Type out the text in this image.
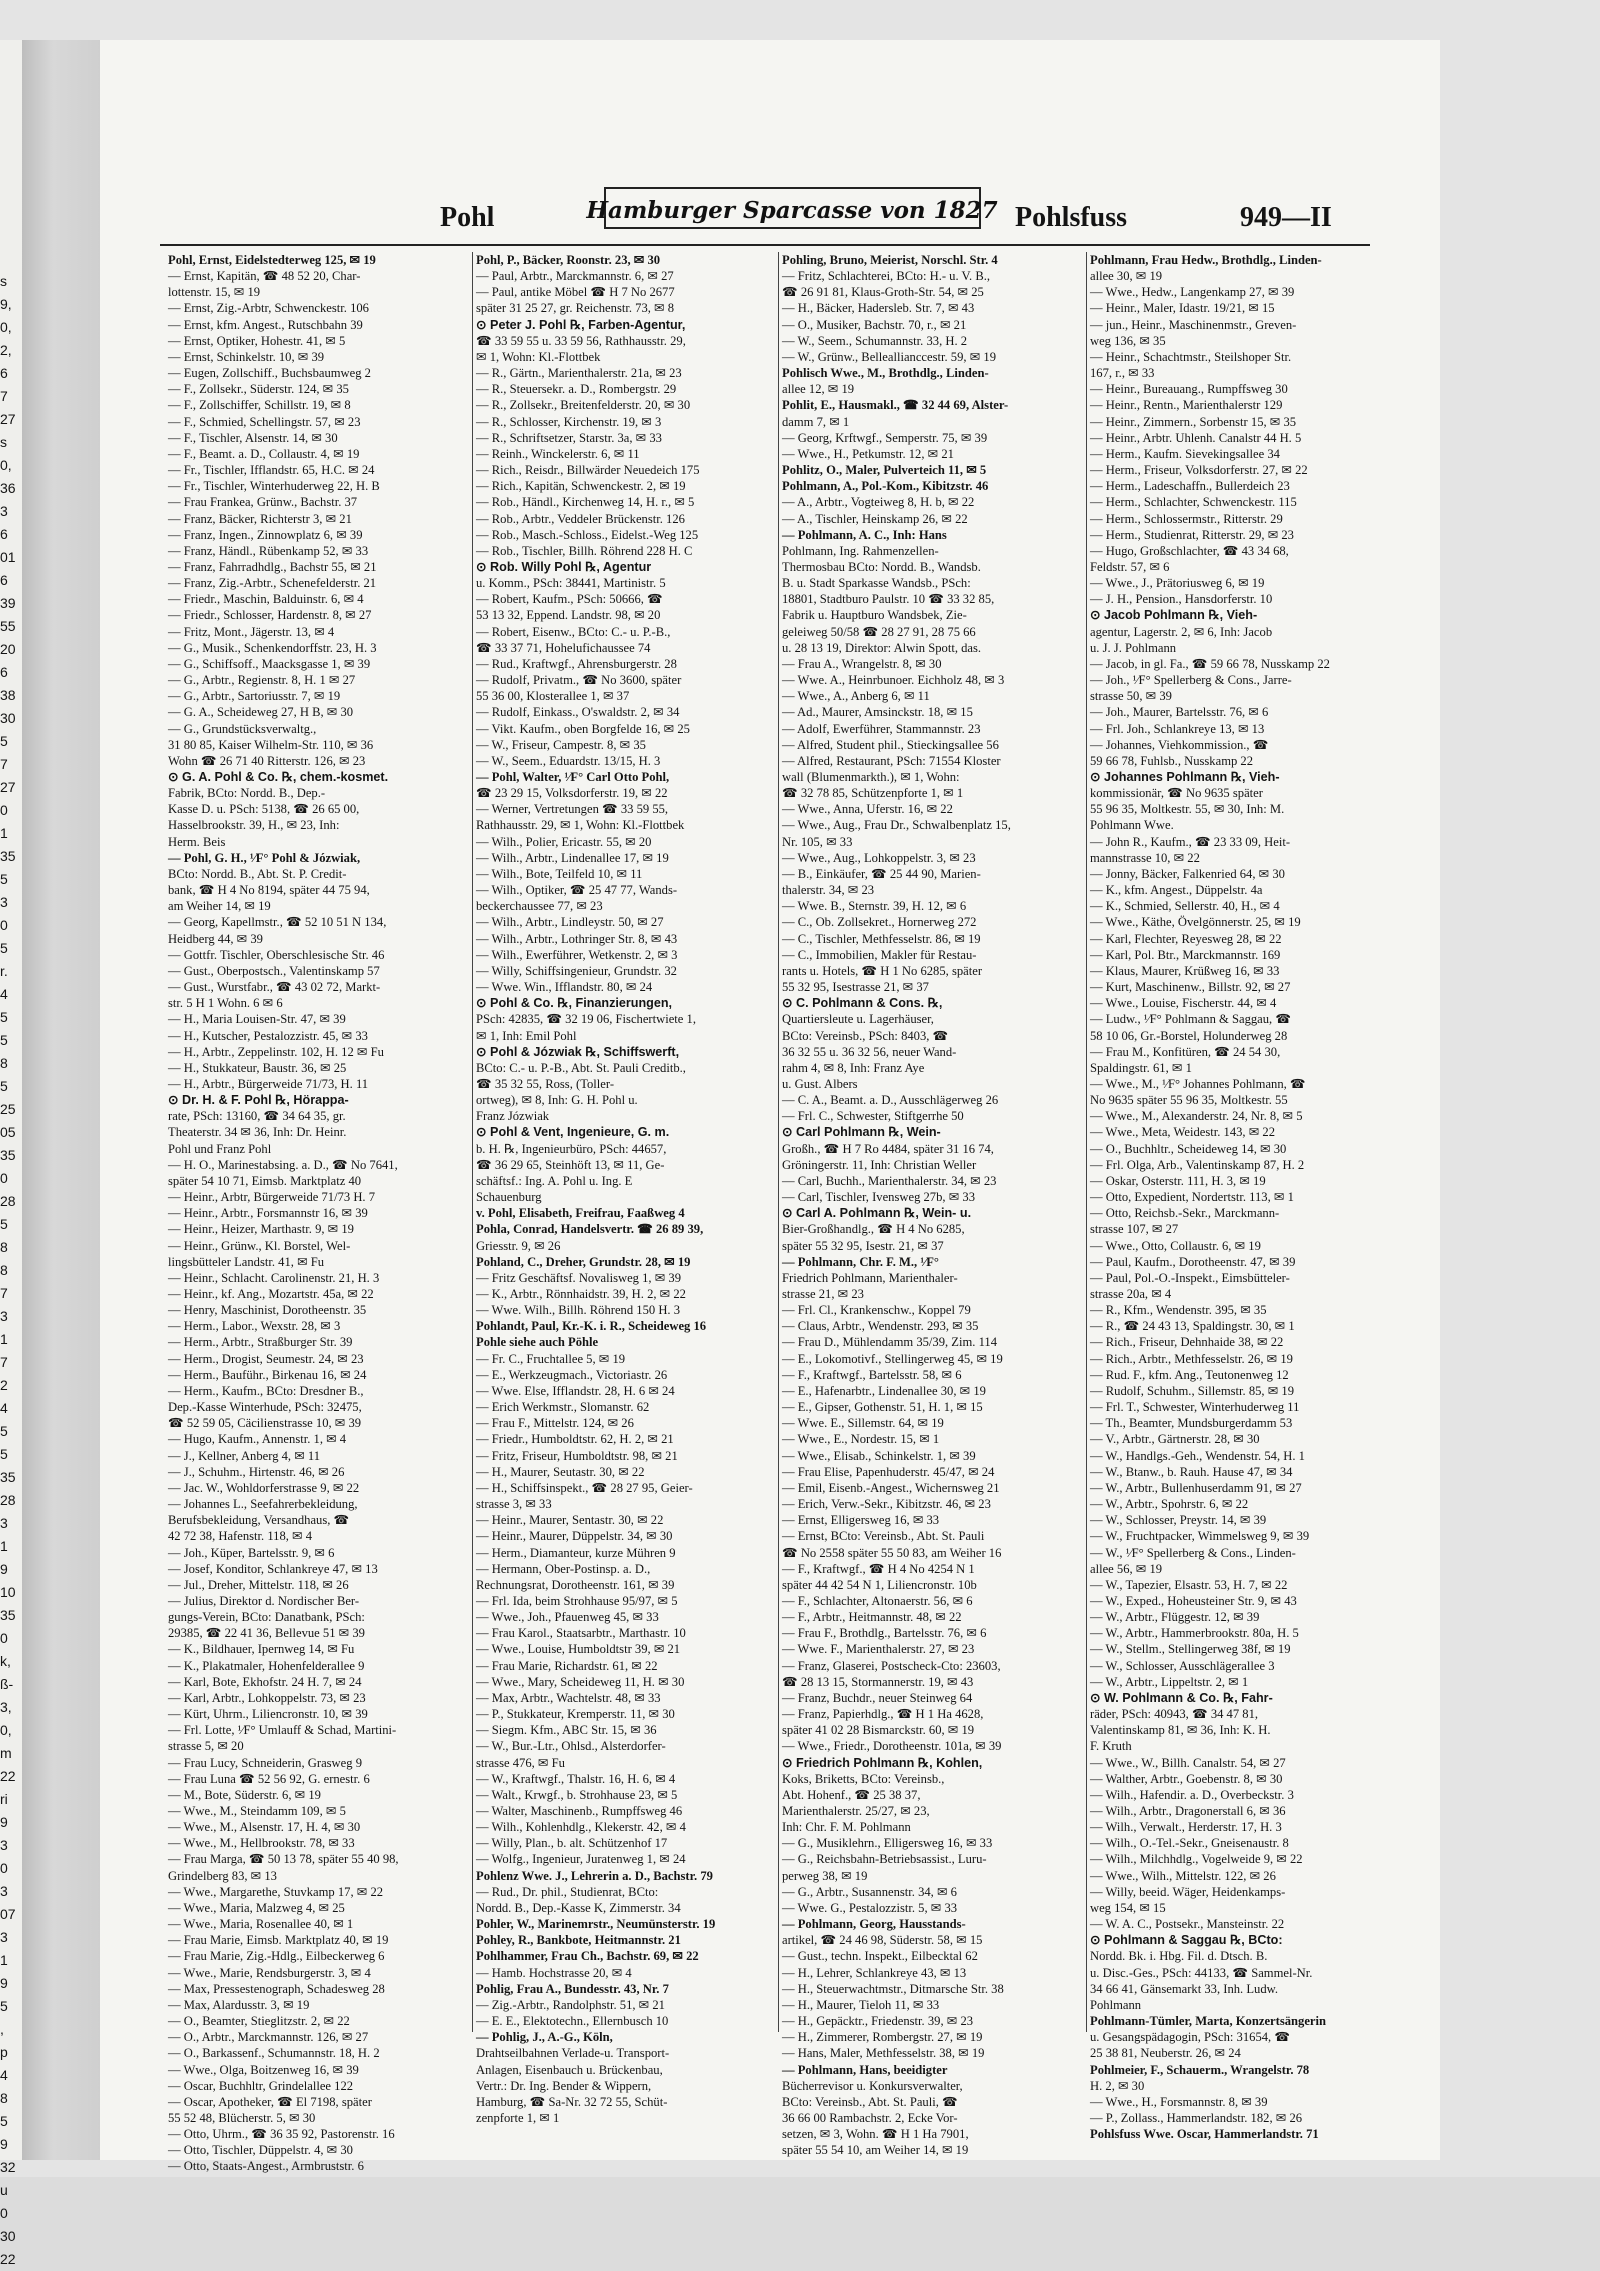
s
9,
0,
2,
6
7
27
s
0,
36
3
6
01
6
39
55
20
6
38
30
5
7
27
0
1
35
5
3
0
5
r.
4
5
5
8
5
25
05
35
0
28
5
8
8
7
3
1
7
2
4
5
5
35
28
3
1
9
10
35
0
k,
ß-
3,
0,
m
22
ri
9
3
0
3
07
3
1
9
5
,
p
4
8
5
9
32
u
0
30
22
Pohl	Hamburger Sparcasse von 1827 Pohlsfuss	949—II
Pohl, Ernst, Eidelstedterweg 125, ✉ 19
— Ernst, Kapitän, ☎ 48 52 20, Char-
lottenstr. 15, ✉ 19
— Ernst, Zig.-Arbtr, Schwenckestr. 106
— Ernst, kfm. Angest., Rutschbahn 39
— Ernst, Optiker, Hohestr. 41, ✉ 5
— Ernst, Schinkelstr. 10, ✉ 39
— Eugen, Zollschiff., Buchsbaumweg 2
— F., Zollsekr., Süderstr. 124, ✉ 35
— F., Zollschiffer, Schillstr. 19, ✉ 8
— F., Schmied, Schellingstr. 57, ✉ 23
— F., Tischler, Alsenstr. 14, ✉ 30
— F., Beamt. a. D., Collaustr. 4, ✉ 19
— Fr., Tischler, Ifflandstr. 65, H.C. ✉ 24
— Fr., Tischler, Winterhuderweg 22, H. B
— Frau Frankea, Grünw., Bachstr. 37
— Franz, Bäcker, Richterstr 3, ✉ 21
— Franz, Ingen., Zinnowplatz 6, ✉ 39
— Franz, Händl., Rübenkamp 52, ✉ 33
— Franz, Fahrradhdlg., Bachstr 55, ✉ 21
— Franz, Zig.-Arbtr., Schenefelderstr. 21
— Friedr., Maschin, Balduinstr. 6, ✉ 4
— Friedr., Schlosser, Hardenstr. 8, ✉ 27
— Fritz, Mont., Jägerstr. 13, ✉ 4
— G., Musik., Schenkendorffstr. 23, H. 3
— G., Schiffsoff., Maacksgasse 1, ✉ 39
— G., Arbtr., Regienstr. 8, H. 1 ✉ 27
— G., Arbtr., Sartoriusstr. 7, ✉ 19
— G. A., Scheideweg 27, H B, ✉ 30
— G., Grundstücksverwaltg.,
31 80 85, Kaiser Wilhelm-Str. 110, ✉ 36
Wohn ☎ 26 71 40 Ritterstr. 126, ✉ 23
⊙ G. A. Pohl & Co. ℞, chem.-kosmet.
Fabrik, BCto: Nordd. B., Dep.-
Kasse D. u. PSch: 5138, ☎ 26 65 00,
Hasselbrookstr. 39, H., ✉ 23, Inh:
Herm. Beis
— Pohl, G. H., ¹⁄F° Pohl & Józwiak,
BCto: Nordd. B., Abt. St. P. Credit-
bank, ☎ H 4 No 8194, später 44 75 94,
am Weiher 14, ✉ 19
— Georg, Kapellmstr., ☎ 52 10 51 N 134,
Heidberg 44, ✉ 39
— Gottfr. Tischler, Oberschlesische Str. 46
— Gust., Oberpostsch., Valentinskamp 57
— Gust., Wurstfabr., ☎ 43 02 72, Markt-
str. 5 H 1 Wohn. 6 ✉ 6
— H., Maria Louisen-Str. 47, ✉ 39
— H., Kutscher, Pestalozzistr. 45, ✉ 33
— H., Arbtr., Zeppelinstr. 102, H. 12 ✉ Fu
— H., Stukkateur, Baustr. 36, ✉ 25
— H., Arbtr., Bürgerweide 71/73, H. 11
⊙ Dr. H. & F. Pohl ℞, Hörappa-
rate, PSch: 13160, ☎ 34 64 35, gr.
Theaterstr. 34 ✉ 36, Inh: Dr. Heinr.
Pohl und Franz Pohl
— H. O., Marinestabsing. a. D., ☎ No 7641,
später 54 10 71, Eimsb. Marktplatz 40
— Heinr., Arbtr, Bürgerweide 71/73 H. 7
— Heinr., Arbtr., Forsmannstr 16, ✉ 39
— Heinr., Heizer, Marthastr. 9, ✉ 19
— Heinr., Grünw., Kl. Borstel, Wel-
lingsbütteler Landstr. 41, ✉ Fu
— Heinr., Schlacht. Carolinenstr. 21, H. 3
— Heinr., kf. Ang., Mozartstr. 45a, ✉ 22
— Henry, Maschinist, Dorotheenstr. 35
— Herm., Labor., Wexstr. 28, ✉ 3
— Herm., Arbtr., Straßburger Str. 39
— Herm., Drogist, Seumestr. 24, ✉ 23
— Herm., Bauführ., Birkenau 16, ✉ 24
— Herm., Kaufm., BCto: Dresdner B.,
Dep.-Kasse Winterhude, PSch: 32475,
☎ 52 59 05, Cäcilienstrasse 10, ✉ 39
— Hugo, Kaufm., Annenstr. 1, ✉ 4
— J., Kellner, Anberg 4, ✉ 11
— J., Schuhm., Hirtenstr. 46, ✉ 26
— Jac. W., Wohldorferstrasse 9, ✉ 22
— Johannes L., Seefahrerbekleidung,
Berufsbekleidung, Versandhaus, ☎
42 72 38, Hafenstr. 118, ✉ 4
— Joh., Küper, Bartelsstr. 9, ✉ 6
— Josef, Konditor, Schlankreye 47, ✉ 13
— Jul., Dreher, Mittelstr. 118, ✉ 26
— Julius, Direktor d. Nordischer Ber-
gungs-Verein, BCto: Danatbank, PSch:
29385, ☎ 22 41 36, Bellevue 51 ✉ 39
— K., Bildhauer, Ipernweg 14, ✉ Fu
— K., Plakatmaler, Hohenfelderallee 9
— Karl, Bote, Ekhofstr. 24 H. 7, ✉ 24
— Karl, Arbtr., Lohkoppelstr. 73, ✉ 23
— Kürt, Uhrm., Liliencronstr. 10, ✉ 39
— Frl. Lotte, ¹⁄F° Umlauff & Schad, Martini-
strasse 5, ✉ 20
— Frau Lucy, Schneiderin, Grasweg 9
— Frau Luna ☎ 52 56 92, G. ernestr. 6
— M., Bote, Süderstr. 6, ✉ 19
— Wwe., M., Steindamm 109, ✉ 5
— Wwe., M., Alsenstr. 17, H. 4, ✉ 30
— Wwe., M., Hellbrookstr. 78, ✉ 33
— Frau Marga, ☎ 50 13 78, später 55 40 98,
Grindelberg 83, ✉ 13
— Wwe., Margarethe, Stuvkamp 17, ✉ 22
— Wwe., Maria, Malzweg 4, ✉ 25
— Wwe., Maria, Rosenallee 40, ✉ 1
— Frau Marie, Eimsb. Marktplatz 40, ✉ 19
— Frau Marie, Zig.-Hdlg., Eilbeckerweg 6
— Wwe., Marie, Rendsburgerstr. 3, ✉ 4
— Max, Pressestenograph, Schadesweg 28
— Max, Alardusstr. 3, ✉ 19
— O., Beamter, Stieglitzstr. 2, ✉ 22
— O., Arbtr., Marckmannstr. 126, ✉ 27
— O., Barkassenf., Schumannstr. 18, H. 2
— Wwe., Olga, Boitzenweg 16, ✉ 39
— Oscar, Buchhltr, Grindelallee 122
— Oscar, Apotheker, ☎ El 7198, später
55 52 48, Blücherstr. 5, ✉ 30
— Otto, Uhrm., ☎ 36 35 92, Pastorenstr. 16
— Otto, Tischler, Düppelstr. 4, ✉ 30
— Otto, Staats-Angest., Armbruststr. 6
Pohl, P., Bäcker, Roonstr. 23, ✉ 30
— Paul, Arbtr., Marckmannstr. 6, ✉ 27
— Paul, antike Möbel ☎ H 7 No 2677
später 31 25 27, gr. Reichenstr. 73, ✉ 8
⊙ Peter J. Pohl ℞, Farben-Agentur,
☎ 33 59 55 u. 33 59 56, Rathhausstr. 29,
✉ 1, Wohn: Kl.-Flottbek
— R., Gärtn., Marienthalerstr. 21a, ✉ 23
— R., Steuersekr. a. D., Rombergstr. 29
— R., Zollsekr., Breitenfelderstr. 20, ✉ 30
— R., Schlosser, Kirchenstr. 19, ✉ 3
— R., Schriftsetzer, Starstr. 3a, ✉ 33
— Reinh., Winckelerstr. 6, ✉ 11
— Rich., Reisdr., Billwärder Neuedeich 175
— Rich., Kapitän, Schwenckestr. 2, ✉ 19
— Rob., Händl., Kirchenweg 14, H. r., ✉ 5
— Rob., Arbtr., Veddeler Brückenstr. 126
— Rob., Masch.-Schloss., Eidelst.-Weg 125
— Rob., Tischler, Billh. Röhrend 228 H. C
⊙ Rob. Willy Pohl ℞, Agentur
u. Komm., PSch: 38441, Martinistr. 5
— Robert, Kaufm., PSch: 50666, ☎
53 13 32, Eppend. Landstr. 98, ✉ 20
— Robert, Eisenw., BCto: C.- u. P.-B.,
☎ 33 37 71, Hohelufichaussee 74
— Rud., Kraftwgf., Ahrensburgerstr. 28
— Rudolf, Privatm., ☎ No 3600, später
55 36 00, Klosterallee 1, ✉ 37
— Rudolf, Einkass., O'swaldstr. 2, ✉ 34
— Vikt. Kaufm., oben Borgfelde 16, ✉ 25
— W., Friseur, Campestr. 8, ✉ 35
— W., Seem., Eduardstr. 13/15, H. 3
— Pohl, Walter, ¹⁄F° Carl Otto Pohl,
☎ 23 29 15, Volksdorferstr. 19, ✉ 22
— Werner, Vertretungen ☎ 33 59 55,
Rathhausstr. 29, ✉ 1, Wohn: Kl.-Flottbek
— Wilh., Polier, Ericastr. 55, ✉ 20
— Wilh., Arbtr., Lindenallee 17, ✉ 19
— Wilh., Bote, Teilfeld 10, ✉ 11
— Wilh., Optiker, ☎ 25 47 77, Wands-
beckerchaussee 77, ✉ 23
— Wilh., Arbtr., Lindleystr. 50, ✉ 27
— Wilh., Arbtr., Lothringer Str. 8, ✉ 43
— Wilh., Ewerführer, Wetkenstr. 2, ✉ 3
— Willy, Schiffsingenieur, Grundstr. 32
— Wwe. Win., Ifflandstr. 80, ✉ 24
⊙ Pohl & Co. ℞, Finanzierungen,
PSch: 42835, ☎ 32 19 06, Fischertwiete 1,
✉ 1, Inh: Emil Pohl
⊙ Pohl & Józwiak ℞, Schiffswerft,
BCto: C.- u. P.-B., Abt. St. Pauli Creditb.,
☎ 35 32 55, Ross, (Toller-
ortweg), ✉ 8, Inh: G. H. Pohl u.
Franz Józwiak
⊙ Pohl & Vent, Ingenieure, G. m.
b. H. ℞, Ingenieurbüro, PSch: 44657,
☎ 36 29 65, Steinhöft 13, ✉ 11, Ge-
schäftsf.: Ing. A. Pohl u. Ing. E
Schauenburg
v. Pohl, Elisabeth, Freifrau, Faaßweg 4
Pohla, Conrad, Handelsvertr. ☎ 26 89 39,
Griesstr. 9, ✉ 26
Pohland, C., Dreher, Grundstr. 28, ✉ 19
— Fritz Geschäftsf. Novalisweg 1, ✉ 39
— K., Arbtr., Rönnhaidstr. 39, H. 2, ✉ 22
— Wwe. Wilh., Billh. Röhrend 150 H. 3
Pohlandt, Paul, Kr.-K. i. R., Scheideweg 16
Pohle siehe auch Pöhle
— Fr. C., Fruchtallee 5, ✉ 19
— E., Werkzeugmach., Victoriastr. 26
— Wwe. Else, Ifflandstr. 28, H. 6 ✉ 24
— Erich Werkmstr., Slomanstr. 62
— Frau F., Mittelstr. 124, ✉ 26
— Friedr., Humboldtstr. 62, H. 2, ✉ 21
— Fritz, Friseur, Humboldtstr. 98, ✉ 21
— H., Maurer, Seutastr. 30, ✉ 22
— H., Schiffsinspekt., ☎ 28 27 95, Geier-
strasse 3, ✉ 33
— Heinr., Maurer, Sentastr. 30, ✉ 22
— Heinr., Maurer, Düppelstr. 34, ✉ 30
— Herm., Diamanteur, kurze Mühren 9
— Hermann, Ober-Postinsp. a. D.,
Rechnungsrat, Dorotheenstr. 161, ✉ 39
— Frl. Ida, beim Strohhause 95/97, ✉ 5
— Wwe., Joh., Pfauenweg 45, ✉ 33
— Frau Karol., Staatsarbtr., Marthastr. 10
— Wwe., Louise, Humboldtstr 39, ✉ 21
— Frau Marie, Richardstr. 61, ✉ 22
— Wwe., Mary, Scheideweg 11, H. ✉ 30
— Max, Arbtr., Wachtelstr. 48, ✉ 33
— P., Stukkateur, Kremperstr. 11, ✉ 30
— Siegm. Kfm., ABC Str. 15, ✉ 36
— W., Bur.-Ltr., Ohlsd., Alsterdorfer-
strasse 476, ✉ Fu
— W., Kraftwgf., Thalstr. 16, H. 6, ✉ 4
— Walt., Krwgf., b. Strohhause 23, ✉ 5
— Walter, Maschinenb., Rumpffsweg 46
— Wilh., Kohlenhdlg., Klekerstr. 42, ✉ 4
— Willy, Plan., b. alt. Schützenhof 17
— Wolfg., Ingenieur, Juratenweg 1, ✉ 24
Pohlenz Wwe. J., Lehrerin a. D., Bachstr. 79
— Rud., Dr. phil., Studienrat, BCto:
Nordd. B., Dep.-Kasse K, Zimmerstr. 34
Pohler, W., Marinemrstr., Neumünsterstr. 19
Pohley, R., Bankbote, Heitmannstr. 21
Pohlhammer, Frau Ch., Bachstr. 69, ✉ 22
— Hamb. Hochstrasse 20, ✉ 4
Pohlig, Frau A., Bundesstr. 43, Nr. 7
— Zig.-Arbtr., Randolphstr. 51, ✉ 21
— E. E., Elektotechn., Ellernbusch 10
— Pohlig, J., A.-G., Köln,
Drahtseilbahnen Verlade-u. Transport-
Anlagen, Eisenbauch u. Brückenbau,
Vertr.: Dr. Ing. Bender & Wippern,
Hamburg, ☎ Sa-Nr. 32 72 55, Schüt-
zenpforte 1, ✉ 1
Pohling, Bruno, Meierist, Norschl. Str. 4
— Fritz, Schlachterei, BCto: H.- u. V. B.,
☎ 26 91 81, Klaus-Groth-Str. 54, ✉ 25
— H., Bäcker, Hadersleb. Str. 7, ✉ 43
— O., Musiker, Bachstr. 70, r., ✉ 21
— W., Seem., Schumannstr. 33, H. 2
— W., Grünw., Belleallianccestr. 59, ✉ 19
Pohlisch Wwe., M., Brothdlg., Linden-
allee 12, ✉ 19
Pohlit, E., Hausmakl., ☎ 32 44 69, Alster-
damm 7, ✉ 1
— Georg, Krftwgf., Semperstr. 75, ✉ 39
— Wwe., H., Petkumstr. 12, ✉ 21
Pohlitz, O., Maler, Pulverteich 11, ✉ 5
Pohlmann, A., Pol.-Kom., Kibitzstr. 46
— A., Arbtr., Vogteiweg 8, H. b, ✉ 22
— A., Tischler, Heinskamp 26, ✉ 22
— Pohlmann, A. C., Inh: Hans
Pohlmann, Ing. Rahmenzellen-
Thermosbau BCto: Nordd. B., Wandsb.
B. u. Stadt Sparkasse Wandsb., PSch:
18801, Stadtburo Paulstr. 10 ☎ 33 32 85,
Fabrik u. Hauptburo Wandsbek, Zie-
geleiweg 50/58 ☎ 28 27 91, 28 75 66
u. 28 13 19, Direktor: Alwin Spott, das.
— Frau A., Wrangelstr. 8, ✉ 30
— Wwe. A., Heinrbunoer. Eichholz 48, ✉ 3
— Wwe., A., Anberg 6, ✉ 11
— Ad., Maurer, Amsinckstr. 18, ✉ 15
— Adolf, Ewerführer, Stammannstr. 23
— Alfred, Student phil., Stieckingsallee 56
— Alfred, Restaurant, PSch: 71554 Kloster
wall (Blumenmarkth.), ✉ 1, Wohn:
☎ 32 78 85, Schützenpforte 1, ✉ 1
— Wwe., Anna, Uferstr. 16, ✉ 22
— Wwe., Aug., Frau Dr., Schwalbenplatz 15,
Nr. 105, ✉ 33
— Wwe., Aug., Lohkoppelstr. 3, ✉ 23
— B., Einkäufer, ☎ 25 44 90, Marien-
thalerstr. 34, ✉ 23
— Wwe. B., Sternstr. 39, H. 12, ✉ 6
— C., Ob. Zollsekret., Hornerweg 272
— C., Tischler, Methfesselstr. 86, ✉ 19
— C., Immobilien, Makler für Restau-
rants u. Hotels, ☎ H 1 No 6285, später
55 32 95, Isestrasse 21, ✉ 37
⊙ C. Pohlmann & Cons. ℞,
Quartiersleute u. Lagerhäuser,
BCto: Vereinsb., PSch: 8403, ☎
36 32 55 u. 36 32 56, neuer Wand-
rahm 4, ✉ 8, Inh: Franz Aye
u. Gust. Albers
— C. A., Beamt. a. D., Ausschlägerweg 26
— Frl. C., Schwester, Stiftgerrhe 50
⊙ Carl Pohlmann ℞, Wein-
Großh., ☎ H 7 Ro 4484, später 31 16 74,
Gröningerstr. 11, Inh: Christian Weller
— Carl, Buchh., Marienthalerstr. 34, ✉ 23
— Carl, Tischler, Ivensweg 27b, ✉ 33
⊙ Carl A. Pohlmann ℞, Wein- u.
Bier-Großhandlg., ☎ H 4 No 6285,
später 55 32 95, Isestr. 21, ✉ 37
— Pohlmann, Chr. F. M., ¹⁄F°
Friedrich Pohlmann, Marienthaler-
strasse 21, ✉ 23
— Frl. Cl., Krankenschw., Koppel 79
— Claus, Arbtr., Wendenstr. 293, ✉ 35
— Frau D., Mühlendamm 35/39, Zim. 114
— E., Lokomotivf., Stellingerweg 45, ✉ 19
— F., Kraftwgf., Bartelsstr. 58, ✉ 6
— E., Hafenarbtr., Lindenallee 30, ✉ 19
— E., Gipser, Gothenstr. 51, H. 1, ✉ 15
— Wwe. E., Sillemstr. 64, ✉ 19
— Wwe., E., Nordestr. 15, ✉ 1
— Wwe., Elisab., Schinkelstr. 1, ✉ 39
— Frau Elise, Papenhuderstr. 45/47, ✉ 24
— Emil, Eisenb.-Angest., Wichernsweg 21
— Erich, Verw.-Sekr., Kibitzstr. 46, ✉ 23
— Ernst, Elligersweg 16, ✉ 33
— Ernst, BCto: Vereinsb., Abt. St. Pauli
☎ No 2558 später 55 50 83, am Weiher 16
— F., Kraftwgf., ☎ H 4 No 4254 N 1
später 44 42 54 N 1, Liliencronstr. 10b
— F., Schlachter, Altonaerstr. 56, ✉ 6
— F., Arbtr., Heitmannstr. 48, ✉ 22
— Frau F., Brothdlg., Bartelsstr. 76, ✉ 6
— Wwe. F., Marienthalerstr. 27, ✉ 23
— Franz, Glaserei, Postscheck-Cto: 23603,
☎ 28 13 15, Stormannerstr. 19, ✉ 43
— Franz, Buchdr., neuer Steinweg 64
— Franz, Papierhdlg., ☎ H 1 Ha 4628,
später 41 02 28 Bismarckstr. 60, ✉ 19
— Wwe., Friedr., Dorotheenstr. 101a, ✉ 39
⊙ Friedrich Pohlmann ℞, Kohlen,
Koks, Briketts, BCto: Vereinsb.,
Abt. Hohenf., ☎ 25 38 37,
Marienthalerstr. 25/27, ✉ 23,
Inh: Chr. F. M. Pohlmann
— G., Musiklehrn., Elligersweg 16, ✉ 33
— G., Reichsbahn-Betriebsassist., Luru-
perweg 38, ✉ 19
— G., Arbtr., Susannenstr. 34, ✉ 6
— Wwe. G., Pestalozzistr. 5, ✉ 33
— Pohlmann, Georg, Hausstands-
artikel, ☎ 24 46 98, Süderstr. 58, ✉ 15
— Gust., techn. Inspekt., Eilbecktal 62
— H., Lehrer, Schlankreye 43, ✉ 13
— H., Steuerwachtmstr., Ditmarsche Str. 38
— H., Maurer, Tieloh 11, ✉ 33
— H., Gepäcktr., Friedenstr. 39, ✉ 23
— H., Zimmerer, Rombergstr. 27, ✉ 19
— Hans, Maler, Methfesselstr. 38, ✉ 19
— Pohlmann, Hans, beeidigter
Bücherrevisor u. Konkursverwalter,
BCto: Vereinsb., Abt. St. Pauli, ☎
36 66 00 Rambachstr. 2, Ecke Vor-
setzen, ✉ 3, Wohn. ☎ H 1 Ha 7901,
später 55 54 10, am Weiher 14, ✉ 19
Pohlmann, Frau Hedw., Brothdlg., Linden-
allee 30, ✉ 19
— Wwe., Hedw., Langenkamp 27, ✉ 39
— Heinr., Maler, Idastr. 19/21, ✉ 15
— jun., Heinr., Maschinenmstr., Greven-
weg 136, ✉ 35
— Heinr., Schachtmstr., Steilshoper Str.
167, r., ✉ 33
— Heinr., Bureauang., Rumpffsweg 30
— Heinr., Rentn., Marienthalerstr 129
— Heinr., Zimmern., Sorbenstr 15, ✉ 35
— Heinr., Arbtr. Uhlenh. Canalstr 44 H. 5
— Herm., Kaufm. Sievekingsallee 34
— Herm., Friseur, Volksdorferstr. 27, ✉ 22
— Herm., Ladeschaffn., Bullerdeich 23
— Herm., Schlachter, Schwenckestr. 115
— Herm., Schlossermstr., Ritterstr. 29
— Herm., Studienrat, Ritterstr. 29, ✉ 23
— Hugo, Großschlachter, ☎ 43 34 68,
Feldstr. 57, ✉ 6
— Wwe., J., Prätoriusweg 6, ✉ 19
— J. H., Pension., Hansdorferstr. 10
⊙ Jacob Pohlmann ℞, Vieh-
agentur, Lagerstr. 2, ✉ 6, Inh: Jacob
u. J. J. Pohlmann
— Jacob, in gl. Fa., ☎ 59 66 78, Nusskamp 22
— Joh., ¹⁄F° Spellerberg & Cons., Jarre-
strasse 50, ✉ 39
— Joh., Maurer, Bartelsstr. 76, ✉ 6
— Frl. Joh., Schlankreye 13, ✉ 13
— Johannes, Viehkommission., ☎
59 66 78, Fuhlsb., Nusskamp 22
⊙ Johannes Pohlmann ℞, Vieh-
kommissionär, ☎ No 9635 später
55 96 35, Moltkestr. 55, ✉ 30, Inh: M.
Pohlmann Wwe.
— John R., Kaufm., ☎ 23 33 09, Heit-
mannstrasse 10, ✉ 22
— Jonny, Bäcker, Falkenried 64, ✉ 30
— K., kfm. Angest., Düppelstr. 4a
— K., Schmied, Sellerstr. 40, H., ✉ 4
— Wwe., Käthe, Övelgönnerstr. 25, ✉ 19
— Karl, Flechter, Reyesweg 28, ✉ 22
— Karl, Pol. Btr., Marckmannstr. 169
— Klaus, Maurer, Krüßweg 16, ✉ 33
— Kurt, Maschinenw., Billstr. 92, ✉ 27
— Wwe., Louise, Fischerstr. 44, ✉ 4
— Ludw., ¹⁄F° Pohlmann & Saggau, ☎
58 10 06, Gr.-Borstel, Holunderweg 28
— Frau M., Konfitüren, ☎ 24 54 30,
Spaldingstr. 61, ✉ 1
— Wwe., M., ¹⁄F° Johannes Pohlmann, ☎
No 9635 später 55 96 35, Moltkestr. 55
— Wwe., M., Alexanderstr. 24, Nr. 8, ✉ 5
— Wwe., Meta, Weidestr. 143, ✉ 22
— O., Buchhltr., Scheideweg 14, ✉ 30
— Frl. Olga, Arb., Valentinskamp 87, H. 2
— Oskar, Osterstr. 111, H. 3, ✉ 19
— Otto, Expedient, Nordertstr. 113, ✉ 1
— Otto, Reichsb.-Sekr., Marckmann-
strasse 107, ✉ 27
— Wwe., Otto, Collaustr. 6, ✉ 19
— Paul, Kaufm., Dorotheenstr. 47, ✉ 39
— Paul, Pol.-O.-Inspekt., Eimsbütteler-
strasse 20a, ✉ 4
— R., Kfm., Wendenstr. 395, ✉ 35
— R., ☎ 24 43 13, Spaldingstr. 30, ✉ 1
— Rich., Friseur, Dehnhaide 38, ✉ 22
— Rich., Arbtr., Methfesselstr. 26, ✉ 19
— Rud. F., kfm. Ang., Teutonenweg 12
— Rudolf, Schuhm., Sillemstr. 85, ✉ 19
— Frl. T., Schwester, Winterhuderweg 11
— Th., Beamter, Mundsburgerdamm 53
— V., Arbtr., Gärtnerstr. 28, ✉ 30
— W., Handlgs.-Geh., Wendenstr. 54, H. 1
— W., Btanw., b. Rauh. Hause 47, ✉ 34
— W., Arbtr., Bullenhuserdamm 91, ✉ 27
— W., Arbtr., Spohrstr. 6, ✉ 22
— W., Schlosser, Preystr. 14, ✉ 39
— W., Fruchtpacker, Wimmelsweg 9, ✉ 39
— W., ¹⁄F° Spellerberg & Cons., Linden-
allee 56, ✉ 19
— W., Tapezier, Elsastr. 53, H. 7, ✉ 22
— W., Exped., Hoheusteiner Str. 9, ✉ 43
— W., Arbtr., Flüggestr. 12, ✉ 39
— W., Arbtr., Hammerbrookstr. 80a, H. 5
— W., Stellm., Stellingerweg 38f, ✉ 19
— W., Schlosser, Ausschlägerallee 3
— W., Arbtr., Lippeltstr. 2, ✉ 1
⊙ W. Pohlmann & Co. ℞, Fahr-
räder, PSch: 40943, ☎ 34 47 81,
Valentinskamp 81, ✉ 36, Inh: K. H.
F. Kruth
— Wwe., W., Billh. Canalstr. 54, ✉ 27
— Walther, Arbtr., Goebenstr. 8, ✉ 30
— Wilh., Hafendir. a. D., Overbeckstr. 3
— Wilh., Arbtr., Dragonerstall 6, ✉ 36
— Wilh., Verwalt., Herderstr. 17, H. 3
— Wilh., O.-Tel.-Sekr., Gneisenaustr. 8
— Wilh., Milchhdlg., Vogelweide 9, ✉ 22
— Wwe., Wilh., Mittelstr. 122, ✉ 26
— Willy, beeid. Wäger, Heidenkamps-
weg 154, ✉ 15
— W. A. C., Postsekr., Mansteinstr. 22
⊙ Pohlmann & Saggau ℞, BCto:
Nordd. Bk. i. Hbg. Fil. d. Dtsch. B.
u. Disc.-Ges., PSch: 44133, ☎ Sammel-Nr.
34 66 41, Gänsemarkt 33, Inh. Ludw.
Pohlmann
Pohlmann-Tümler, Marta, Konzertsängerin
u. Gesangspädagogin, PSch: 31654, ☎
25 38 81, Neuberstr. 26, ✉ 24
Pohlmeier, F., Schauerm., Wrangelstr. 78
H. 2, ✉ 30
— Wwe., H., Forsmannstr. 8, ✉ 39
— P., Zollass., Hammerlandstr. 182, ✉ 26
Pohlsfuss Wwe. Oscar, Hammerlandstr. 71
